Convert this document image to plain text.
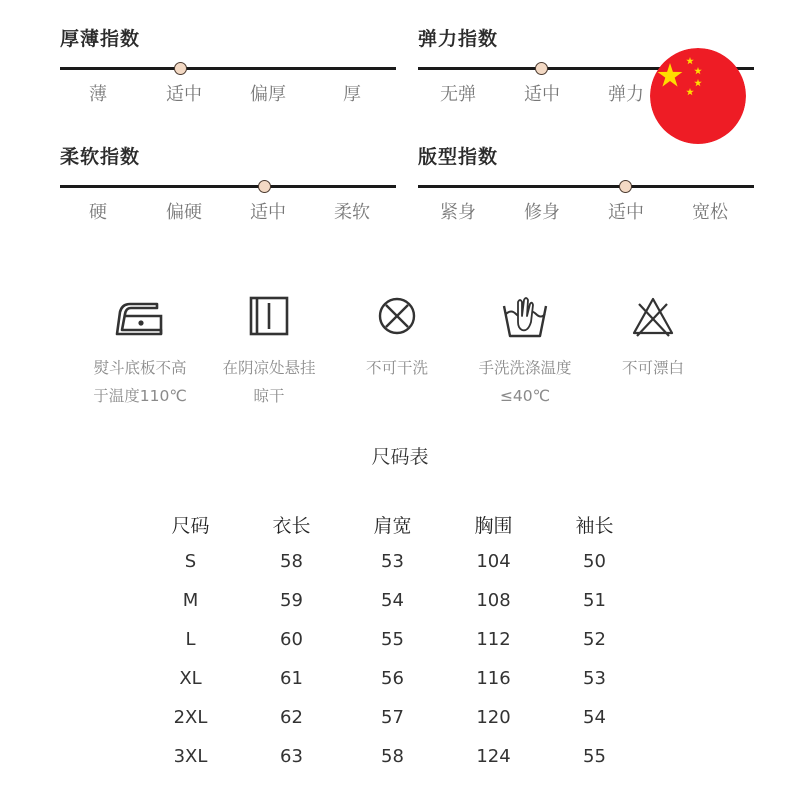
厚薄指数
薄	适中	偏厚	厚
弹力指数
无弹	适中	弹力
柔软指数
硬	偏硬	适中	柔软
版型指数
紧身	修身	适中	宽松
熨斗底板不高
于温度110℃
在阴凉处悬挂
晾干
不可干洗	手洗洗涤温度
≤40℃
不可漂白
尺码表
尺码	衣长	肩宽	胸围	袖长
S	58	53	104	50
M	59	54	108	51
L	60	55	112	52
XL	61	56	116	53
2XL	62	57	120	54
3XL	63	58	124	55
